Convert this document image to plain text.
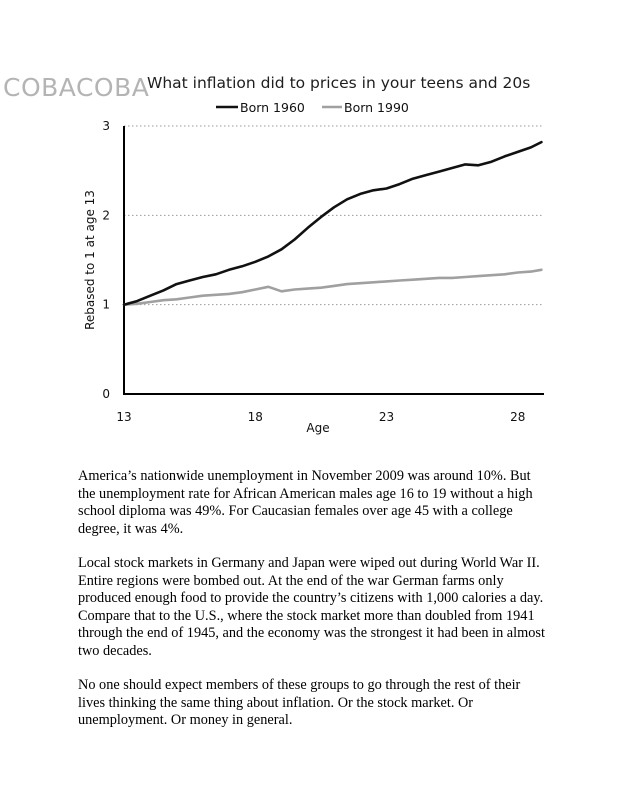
COBACOBA
What inflation did to prices in your teens and 20s
Born 1960	Born 1990
0
1
2
3
13	18	23	28
Age
Rebased to 1 at age 13

America’s nationwide unemployment in November 2009 was around 10%. But the unemployment rate for African American males age 16 to 19 without a high school diploma was 49%. For Caucasian females over age 45 with a college degree, it was 4%.

Local stock markets in Germany and Japan were wiped out during World War II. Entire regions were bombed out. At the end of the war German farms only produced enough food to provide the country’s citizens with 1,000 calories a day. Compare that to the U.S., where the stock market more than doubled from 1941 through the end of 1945, and the economy was the strongest it had been in almost two decades.

No one should expect members of these groups to go through the rest of their lives thinking the same thing about inflation. Or the stock market. Or unemployment. Or money in general.
